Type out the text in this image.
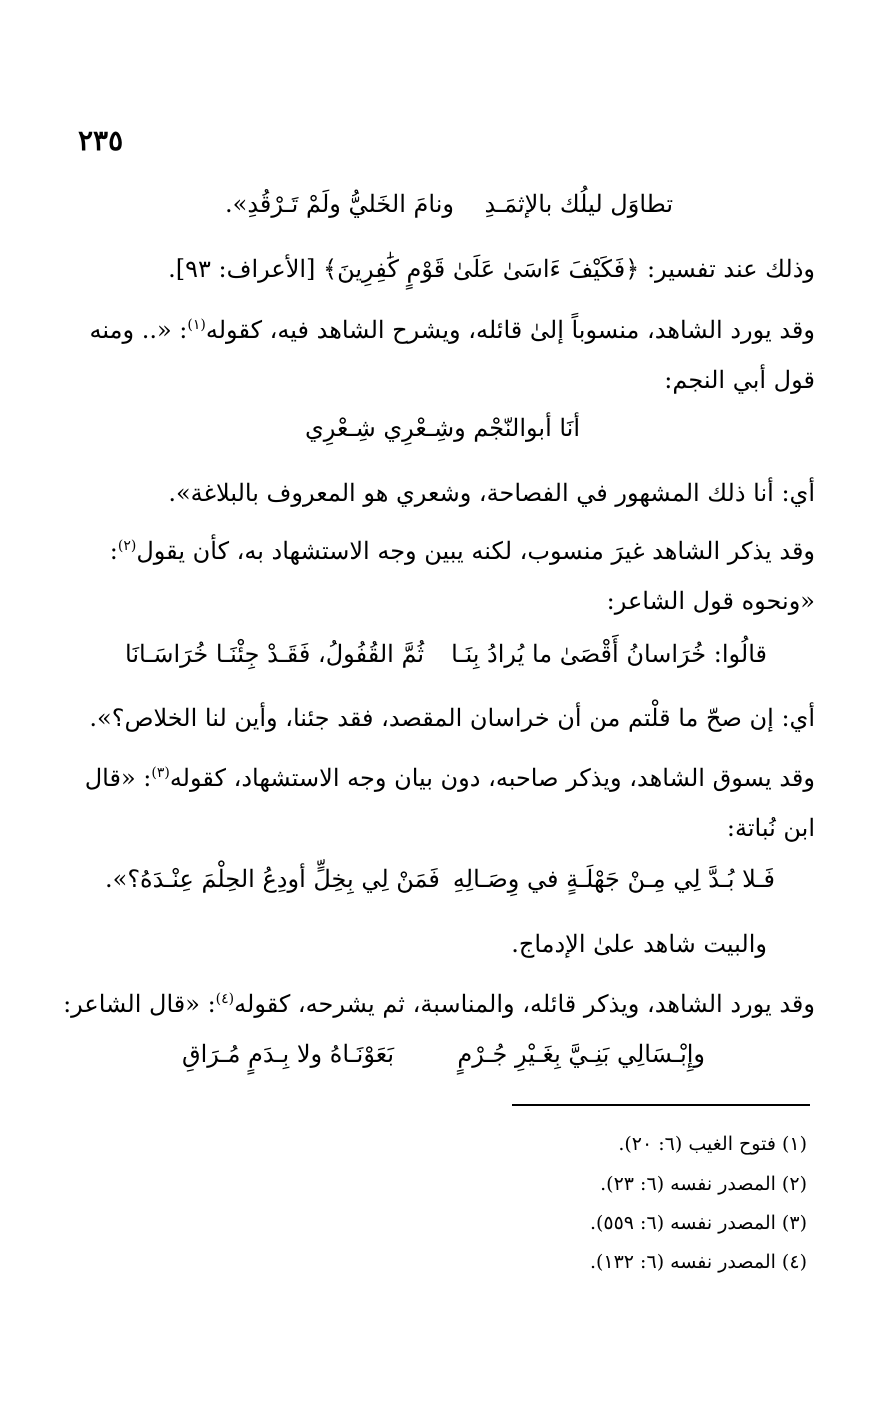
٢٣٥
تطاوَل ليلُك بالإثمَـدِ
ونامَ الخَليُّ ولَمْ تَـرْقُدِ».
وذلك عند تفسير: ﴿فَكَيْفَ ءَاسَىٰ عَلَىٰ قَوْمٍ كَٰفِرِينَ﴾ [الأعراف: ٩٣].
وقد يورد الشاهد، منسوباً إلىٰ قائله، ويشرح الشاهد فيه، كقوله$^{(١)}$: «.. ومنه
قول أبي النجم:
أنَا أبوالنّجْم وشِـعْرِي شِـعْرِي
أي: أنا ذلك المشهور في الفصاحة، وشعري هو المعروف بالبلاغة».
وقد يذكر الشاهد غيرَ منسوب، لكنه يبين وجه الاستشهاد به، كأن يقول$^{(٢)}$:
«ونحوه قول الشاعر:
قالُوا: خُرَاسانُ أَقْصَىٰ ما يُرادُ بِنَـا
ثُمَّ القُفُولُ، فَقَـدْ جِئْنَـا خُرَاسَـانَا
أي: إن صحّ ما قلْتم من أن خراسان المقصد، فقد جئنا، وأين لنا الخلاص؟».
وقد يسوق الشاهد، ويذكر صاحبه، دون بيان وجه الاستشهاد، كقوله$^{(٣)}$: «قال
ابن نُباتة:
فَـلا بُـدَّ لِي مِـنْ جَهْلَـةٍ في وِصَـالِهِ
فَمَنْ لِي بِخِلٍّ أودِعُ الحِلْمَ عِنْـدَهُ؟».
والبيت شاهد علىٰ الإدماج.
وقد يورد الشاهد، ويذكر قائله، والمناسبة، ثم يشرحه، كقوله$^{(٤)}$: «قال الشاعر:
وإِبْـسَالِي بَنِـيَّ بِغَـيْرِ جُـرْمٍ
بَعَوْنَـاهُ ولا بِـدَمٍ مُـرَاقِ
(١) فتوح الغيب (٦: ٢٠).
(٢) المصدر نفسه (٦: ٢٣).
(٣) المصدر نفسه (٦: ٥٥٩).
(٤) المصدر نفسه (٦: ١٣٢).
